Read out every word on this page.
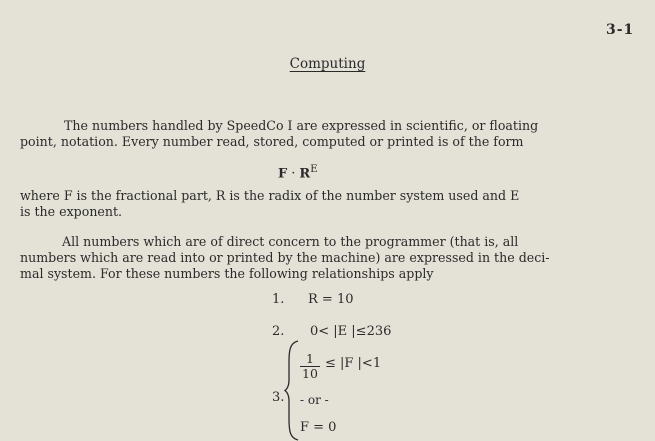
3-1
Computing
The numbers handled by SpeedCo I are expressed in scientific, or floating
point, notation. Every number read, stored, computed or printed is of the form
$F \cdot R^E$
where F is the fractional part, R is the radix of the number system used and E
is the exponent.
All numbers which are of direct concern to the programmer (that is, all
numbers which are read into or printed by the machine) are expressed in the deci-
mal system. For these numbers the following relationships apply
1. R = 10
2. 0< |E |≤236
3.
$\frac{1}{10} \le |F$ |<1
- or -
F = 0
